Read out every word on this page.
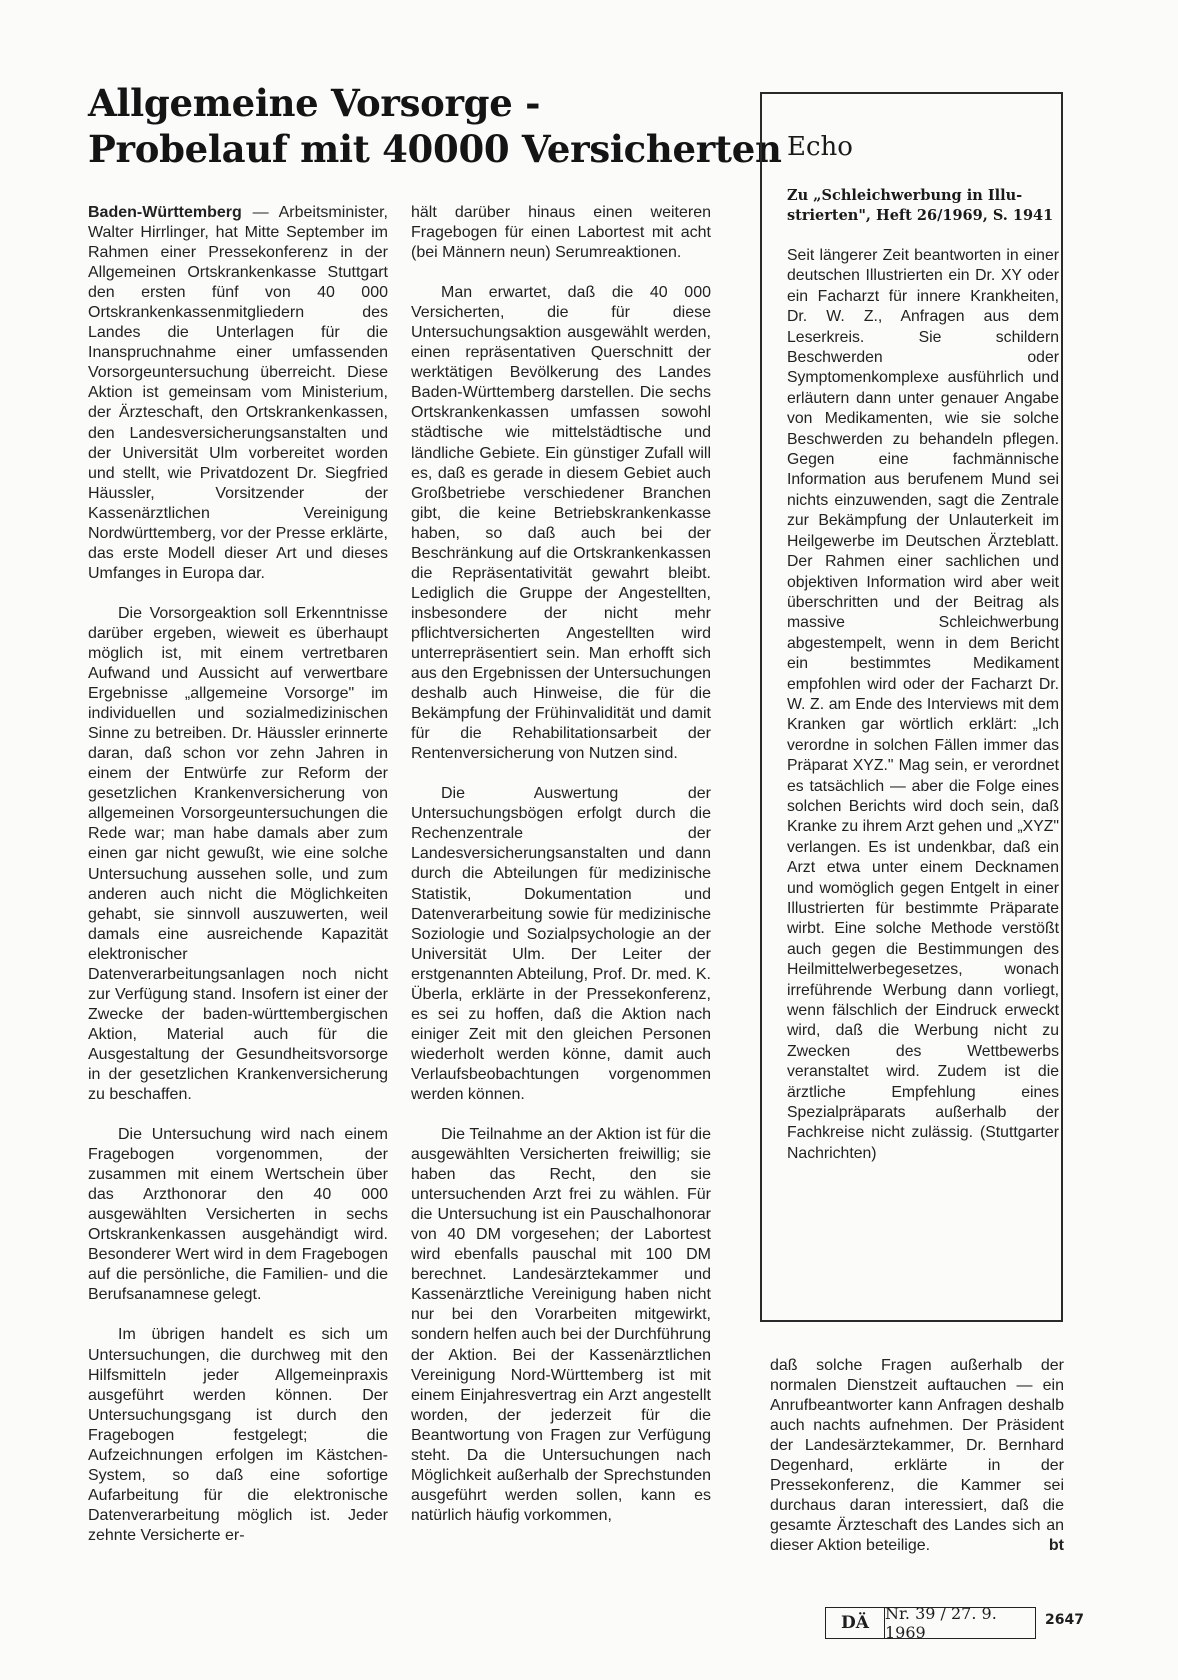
Allgemeine Vorsorge -
Probelauf mit 40000 Versicherten

Baden-Württemberg — Arbeitsminister, Walter Hirrlinger, hat Mitte September im Rahmen einer Pressekonferenz in der Allgemeinen Ortskrankenkasse Stuttgart den ersten fünf von 40 000 Ortskrankenkassenmitgliedern des Landes die Unterlagen für die Inanspruchnahme einer umfassenden Vorsorgeuntersuchung überreicht. Diese Aktion ist gemeinsam vom Ministerium, der Ärzteschaft, den Ortskrankenkassen, den Landesversicherungsanstalten und der Universität Ulm vorbereitet worden und stellt, wie Privatdozent Dr. Siegfried Häussler, Vorsitzender der Kassenärztlichen Vereinigung Nordwürttemberg, vor der Presse erklärte, das erste Modell dieser Art und dieses Umfanges in Europa dar.

Die Vorsorgeaktion soll Erkenntnisse darüber ergeben, wieweit es überhaupt möglich ist, mit einem vertretbaren Aufwand und Aussicht auf verwertbare Ergebnisse „allgemeine Vorsorge" im individuellen und sozialmedizinischen Sinne zu betreiben. Dr. Häussler erinnerte daran, daß schon vor zehn Jahren in einem der Entwürfe zur Reform der gesetzlichen Krankenversicherung von allgemeinen Vorsorgeuntersuchungen die Rede war; man habe damals aber zum einen gar nicht gewußt, wie eine solche Untersuchung aussehen solle, und zum anderen auch nicht die Möglichkeiten gehabt, sie sinnvoll auszuwerten, weil damals eine ausreichende Kapazität elektronischer Datenverarbeitungsanlagen noch nicht zur Verfügung stand. Insofern ist einer der Zwecke der baden-württembergischen Aktion, Material auch für die Ausgestaltung der Gesundheitsvorsorge in der gesetzlichen Krankenversicherung zu beschaffen.

Die Untersuchung wird nach einem Fragebogen vorgenommen, der zusammen mit einem Wertschein über das Arzthonorar den 40 000 ausgewählten Versicherten in sechs Ortskrankenkassen ausgehändigt wird. Besonderer Wert wird in dem Fragebogen auf die persönliche, die Familien- und die Berufsanamnese gelegt.

Im übrigen handelt es sich um Untersuchungen, die durchweg mit den Hilfsmitteln jeder Allgemeinpraxis ausgeführt werden können. Der Untersuchungsgang ist durch den Fragebogen festgelegt; die Aufzeichnungen erfolgen im Kästchen-System, so daß eine sofortige Aufarbeitung für die elektronische Datenverarbeitung möglich ist. Jeder zehnte Versicherte er-

hält darüber hinaus einen weiteren Fragebogen für einen Labortest mit acht (bei Männern neun) Serumreaktionen.

Man erwartet, daß die 40 000 Versicherten, die für diese Untersuchungsaktion ausgewählt werden, einen repräsentativen Querschnitt der werktätigen Bevölkerung des Landes Baden-Württemberg darstellen. Die sechs Ortskrankenkassen umfassen sowohl städtische wie mittelstädtische und ländliche Gebiete. Ein günstiger Zufall will es, daß es gerade in diesem Gebiet auch Großbetriebe verschiedener Branchen gibt, die keine Betriebskrankenkasse haben, so daß auch bei der Beschränkung auf die Ortskrankenkassen die Repräsentativität gewahrt bleibt. Lediglich die Gruppe der Angestellten, insbesondere der nicht mehr pflichtversicherten Angestellten wird unterrepräsentiert sein. Man erhofft sich aus den Ergebnissen der Untersuchungen deshalb auch Hinweise, die für die Bekämpfung der Frühinvalidität und damit für die Rehabilitationsarbeit der Rentenversicherung von Nutzen sind.

Die Auswertung der Untersuchungsbögen erfolgt durch die Rechenzentrale der Landesversicherungsanstalten und dann durch die Abteilungen für medizinische Statistik, Dokumentation und Datenverarbeitung sowie für medizinische Soziologie und Sozialpsychologie an der Universität Ulm. Der Leiter der erstgenannten Abteilung, Prof. Dr. med. K. Überla, erklärte in der Pressekonferenz, es sei zu hoffen, daß die Aktion nach einiger Zeit mit den gleichen Personen wiederholt werden könne, damit auch Verlaufsbeobachtungen vorgenommen werden können.

Die Teilnahme an der Aktion ist für die ausgewählten Versicherten freiwillig; sie haben das Recht, den sie untersuchenden Arzt frei zu wählen. Für die Untersuchung ist ein Pauschalhonorar von 40 DM vorgesehen; der Labortest wird ebenfalls pauschal mit 100 DM berechnet. Landesärztekammer und Kassenärztliche Vereinigung haben nicht nur bei den Vorarbeiten mitgewirkt, sondern helfen auch bei der Durchführung der Aktion. Bei der Kassenärztlichen Vereinigung Nord-Württemberg ist mit einem Einjahresvertrag ein Arzt angestellt worden, der jederzeit für die Beantwortung von Fragen zur Verfügung steht. Da die Untersuchungen nach Möglichkeit außerhalb der Sprechstunden ausgeführt werden sollen, kann es natürlich häufig vorkommen,

Echo
Zu „Schleichwerbung in Illu-
strierten", Heft 26/1969, S. 1941

Seit längerer Zeit beantworten in einer deutschen Illustrierten ein Dr. XY oder ein Facharzt für innere Krankheiten, Dr. W. Z., Anfragen aus dem Leserkreis. Sie schildern Beschwerden oder Symptomenkomplexe ausführlich und erläutern dann unter genauer Angabe von Medikamenten, wie sie solche Beschwerden zu behandeln pflegen. Gegen eine fachmännische Information aus berufenem Mund sei nichts einzuwenden, sagt die Zentrale zur Bekämpfung der Unlauterkeit im Heilgewerbe im Deutschen Ärzteblatt. Der Rahmen einer sachlichen und objektiven Information wird aber weit überschritten und der Beitrag als massive Schleichwerbung abgestempelt, wenn in dem Bericht ein bestimmtes Medikament empfohlen wird oder der Facharzt Dr. W. Z. am Ende des Interviews mit dem Kranken gar wörtlich erklärt: „Ich verordne in solchen Fällen immer das Präparat XYZ." Mag sein, er verordnet es tatsächlich — aber die Folge eines solchen Berichts wird doch sein, daß Kranke zu ihrem Arzt gehen und „XYZ" verlangen. Es ist undenkbar, daß ein Arzt etwa unter einem Decknamen und womöglich gegen Entgelt in einer Illustrierten für bestimmte Präparate wirbt. Eine solche Methode verstößt auch gegen die Bestimmungen des Heilmittelwerbegesetzes, wonach irreführende Werbung dann vorliegt, wenn fälschlich der Eindruck erweckt wird, daß die Werbung nicht zu Zwecken des Wettbewerbs veranstaltet wird. Zudem ist die ärztliche Empfehlung eines Spezialpräparats außerhalb der Fachkreise nicht zulässig. (Stuttgarter Nachrichten)

daß solche Fragen außerhalb der normalen Dienstzeit auftauchen — ein Anrufbeantworter kann Anfragen deshalb auch nachts aufnehmen. Der Präsident der Landesärztekammer, Dr. Bernhard Degenhard, erklärte in der Pressekonferenz, die Kammer sei durchaus daran interessiert, daß die gesamte Ärzteschaft des Landes sich an dieser Aktion beteilige.	bt

DÄ	Nr. 39 / 27. 9. 1969
2647
